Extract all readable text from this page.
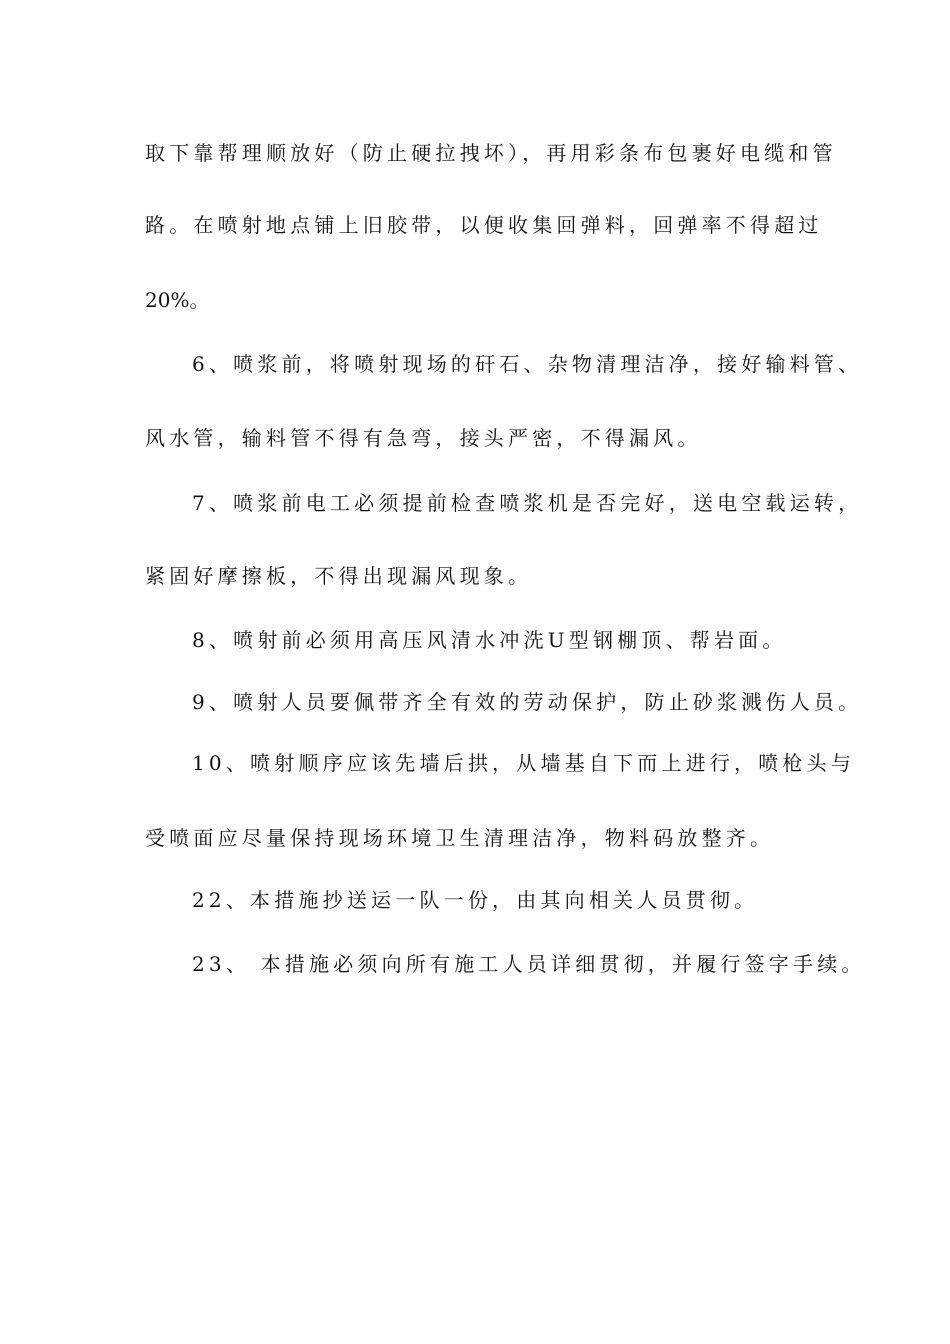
取下靠帮理顺放好（防止硬拉拽坏），再用彩条布包裹好电缆和管
路。在喷射地点铺上旧胶带，以便收集回弹料，回弹率不得超过
20%。
6、喷浆前，将喷射现场的矸石、杂物清理洁净，接好输料管、
风水管，输料管不得有急弯，接头严密，不得漏风。
7、喷浆前电工必须提前检查喷浆机是否完好，送电空载运转，
紧固好摩擦板，不得出现漏风现象。
8、喷射前必须用高压风清水冲洗U型钢棚顶、帮岩面。
9、喷射人员要佩带齐全有效的劳动保护，防止砂浆溅伤人员。
10、喷射顺序应该先墙后拱，从墙基自下而上进行，喷枪头与
受喷面应尽量保持现场环境卫生清理洁净，物料码放整齐。
22、本措施抄送运一队一份，由其向相关人员贯彻。
23、 本措施必须向所有施工人员详细贯彻，并履行签字手续。
